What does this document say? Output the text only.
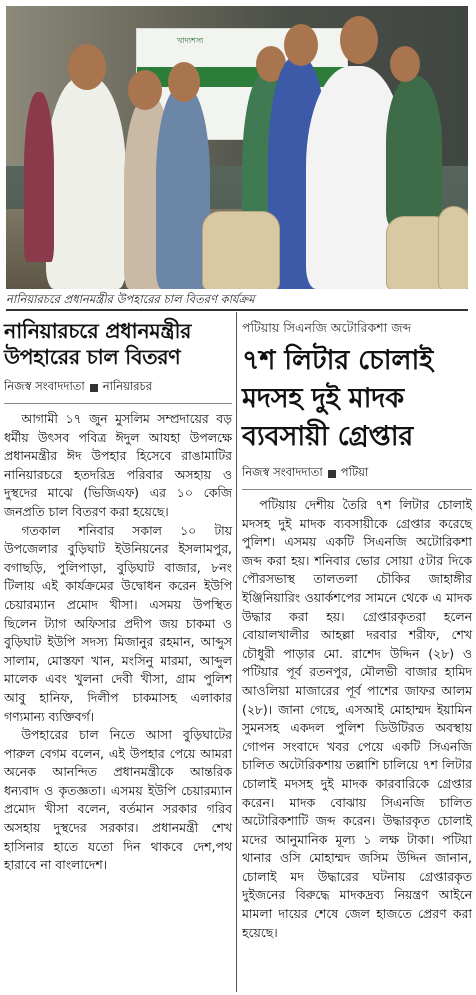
খাদ্যশস্য
নানিয়ারচরে প্রধানমন্ত্রীর উপহারের চাল বিতরণ কার্যক্রম
নানিয়ারচরে প্রধানমন্ত্রীর উপহারের চাল বিতরণ
নিজস্ব সংবাদদাতা নানিয়ারচর

আগামী ১৭ জুন মুসলিম সম্প্রদায়ের বড় ধর্মীয় উৎসব পবিত্র ঈদুল আযহা উপলক্ষে প্রধানমন্ত্রীর ঈদ উপহার হিসেবে রাঙামাটির নানিয়ারচরে হতদরিদ্র পরিবার অসহায় ও দুস্থদের মাঝে (ভিজিএফ) এর ১০ কেজি জনপ্রতি চাল বিতরণ করা হয়েছে।

গতকাল শনিবার সকাল ১০ টায় উপজেলার বুড়িঘাট ইউনিয়নের ইসলামপুর, বগাছড়ি, পুলিপাড়া, বুড়িঘাট বাজার, ৮নং টিলায় এই কার্যক্রমের উদ্বোধন করেন ইউপি চেয়ারম্যান প্রমোদ খীসা। এসময় উপস্থিত ছিলেন ট্যাগ অফিসার প্রদীপ জয় চাকমা ও বুড়িঘাট ইউপি সদস্য মিজানুর রহমান, আব্দুস সালাম, মোস্তফা খান, মংসিনু মারমা, আব্দুল মালেক এবং খুলনা দেবী খীসা, গ্রাম পুলিশ আবু হানিফ, দিলীপ চাকমাসহ এলাকার গণ্যমান্য ব্যক্তিবর্গ।

উপহারের চাল নিতে আসা বুড়িঘাটের পারুল বেগম বলেন, এই উপহার পেয়ে আমরা অনেক আনন্দিত প্রধানমন্ত্রীকে আন্তরিক ধন্যবাদ ও কৃতজ্ঞতা। এসময় ইউপি চেয়ারম্যান প্রমোদ খীসা বলেন, বর্তমান সরকার গরিব অসহায় দুস্থদের সরকার। প্রধানমন্ত্রী শেখ হাসিনার হাতে যতো দিন থাকবে দেশ,পথ হারাবে না বাংলাদেশ।

পটিয়ায় সিএনজি অটোরিকশা জব্দ
৭শ লিটার চোলাই মদসহ দুই মাদক ব্যবসায়ী গ্রেপ্তার
নিজস্ব সংবাদদাতা পটিয়া

পটিয়ায় দেশীয় তৈরি ৭শ লিটার চোলাই মদসহ দুই মাদক ব্যবসায়ীকে গ্রেপ্তার করেছে পুলিশ। এসময় একটি সিএনজি অটোরিকশা জব্দ করা হয়। শনিবার ভোর সোয়া ৫টার দিকে পৌরসভাস্থ তালতলা চৌকির জাহাঙ্গীর ইঞ্জিনিয়ারিং ওয়ার্কশপের সামনে থেকে এ মাদক উদ্ধার করা হয়। গ্রেপ্তারকৃতরা হলেন বোয়ালখালীর আহল্লা দরবার শরীফ, শেখ চৌধুরী পাড়ার মো. রাশেদ উদ্দিন (২৮) ও পটিয়ার পূর্ব রতনপুর, মৌলভী বাজার হামিদ আওলিয়া মাজারের পূর্ব পাশের জাফর আলম (২৮)। জানা গেছে, এসআই মোহাম্মদ ইয়ামিন সুমনসহ একদল পুলিশ ডিউটিরত অবস্থায় গোপন সংবাদে খবর পেয়ে একটি সিএনজি চালিত অটোরিকশায় তল্লাশি চালিয়ে ৭শ লিটার চোলাই মদসহ দুই মাদক কারবারিকে গ্রেপ্তার করেন। মাদক বোঝায় সিএনজি চালিত অটোরিকশাটি জব্দ করেন। উদ্ধারকৃত চোলাই মদের আনুমানিক মূল্য ১ লক্ষ টাকা। পটিয়া থানার ওসি মোহাম্মদ জসিম উদ্দিন জানান, চোলাই মদ উদ্ধারের ঘটনায় গ্রেপ্তারকৃত দুইজনের বিরুদ্ধে মাদকদ্রব্য নিয়ন্ত্রণ আইনে মামলা দায়ের শেষে জেল হাজতে প্রেরণ করা হয়েছে।
